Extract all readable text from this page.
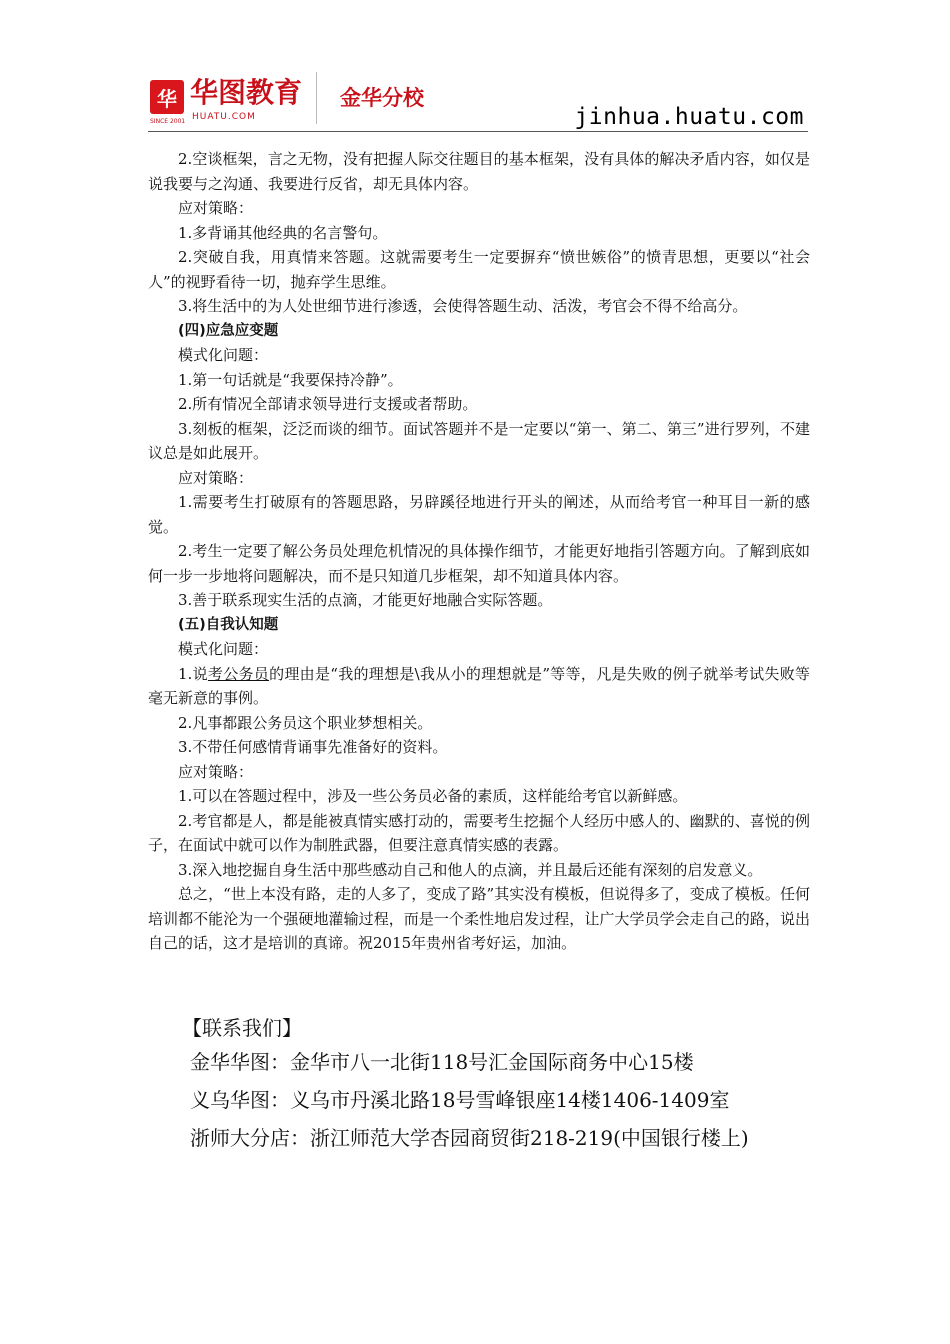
华 华图教育
HUATU.COM
SINCE 2001
金华分校
jinhua.huatu.com

2.空谈框架，言之无物，没有把握人际交往题目的基本框架，没有具体的解决矛盾内容，如仅是说我要与之沟通、我要进行反省，却无具体内容。

应对策略：

1.多背诵其他经典的名言警句。

2.突破自我，用真情来答题。这就需要考生一定要摒弃“愤世嫉俗”的愤青思想，更要以“社会人”的视野看待一切，抛弃学生思维。

3.将生活中的为人处世细节进行渗透，会使得答题生动、活泼，考官会不得不给高分。

(四)应急应变题

模式化问题：

1.第一句话就是“我要保持冷静”。

2.所有情况全部请求领导进行支援或者帮助。

3.刻板的框架，泛泛而谈的细节。面试答题并不是一定要以“第一、第二、第三”进行罗列，不建议总是如此展开。

应对策略：

1.需要考生打破原有的答题思路，另辟蹊径地进行开头的阐述，从而给考官一种耳目一新的感觉。

2.考生一定要了解公务员处理危机情况的具体操作细节，才能更好地指引答题方向。了解到底如何一步一步地将问题解决，而不是只知道几步框架，却不知道具体内容。

3.善于联系现实生活的点滴，才能更好地融合实际答题。

(五)自我认知题

模式化问题：

1.说考公务员的理由是“我的理想是\我从小的理想就是”等等，凡是失败的例子就举考试失败等毫无新意的事例。

2.凡事都跟公务员这个职业梦想相关。

3.不带任何感情背诵事先准备好的资料。

应对策略：

1.可以在答题过程中，涉及一些公务员必备的素质，这样能给考官以新鲜感。

2.考官都是人，都是能被真情实感打动的，需要考生挖掘个人经历中感人的、幽默的、喜悦的例子，在面试中就可以作为制胜武器，但要注意真情实感的表露。

3.深入地挖掘自身生活中那些感动自己和他人的点滴，并且最后还能有深刻的启发意义。

总之，“世上本没有路，走的人多了，变成了路”其实没有模板，但说得多了，变成了模板。任何培训都不能沦为一个强硬地灌输过程，而是一个柔性地启发过程，让广大学员学会走自己的路，说出自己的话，这才是培训的真谛。祝2015年贵州省考好运，加油。

【联系我们】

金华华图：金华市八一北街118号汇金国际商务中心15楼

义乌华图：义乌市丹溪北路18号雪峰银座14楼1406-1409室

浙师大分店：浙江师范大学杏园商贸街218-219(中国银行楼上)
